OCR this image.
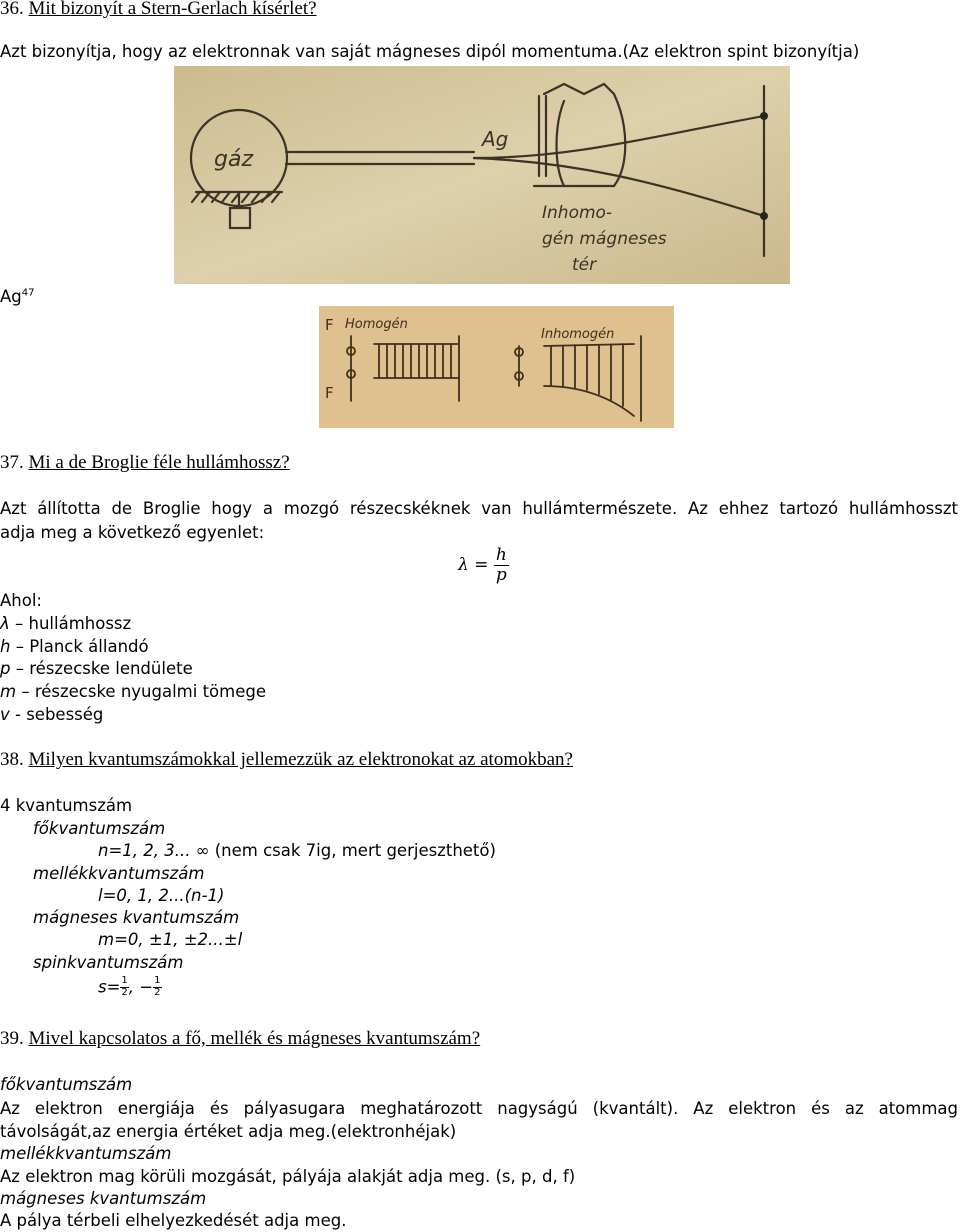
36. Mit bizonyít a Stern-Gerlach kísérlet?
Azt bizonyítja, hogy az elektronnak van saját mágneses dipól momentuma.(Az elektron spint bizonyítja)
gáz
Ag
Inhomo-
gén mágneses
tér
Ag$^{47}$
F Homogén
F
Inhomogén
37. Mi a de Broglie féle hullámhossz?
Azt állította de Broglie hogy a mozgó részecskéknek van hullámtermészete. Az ehhez tartozó hullámhosszt
adja meg a következő egyenlet:
$\lambda = \frac{h}{p}$
Ahol:
λ – hullámhossz
h – Planck állandó
p – részecske lendülete
m – részecske nyugalmi tömege
v - sebesség
38. Milyen kvantumszámokkal jellemezzük az elektronokat az atomokban?
4 kvantumszám
főkvantumszám
n=1, 2, 3... ∞ (nem csak 7ig, mert gerjeszthető)
mellékkvantumszám
l=0, 1, 2...(n-1)
mágneses kvantumszám
m=0, ±1, ±2...±l
spinkvantumszám
$s= \frac{1}{2}$ , − $\frac{1}{2}$
39. Mivel kapcsolatos a fő, mellék és mágneses kvantumszám?
főkvantumszám
Az elektron energiája és pályasugara meghatározott nagyságú (kvantált). Az elektron és az atommag
távolságát,az energia értéket adja meg.(elektronhéjak)
mellékkvantumszám
Az elektron mag körüli mozgását, pályája alakját adja meg. (s, p, d, f)
mágneses kvantumszám
A pálya térbeli elhelyezkedését adja meg.
